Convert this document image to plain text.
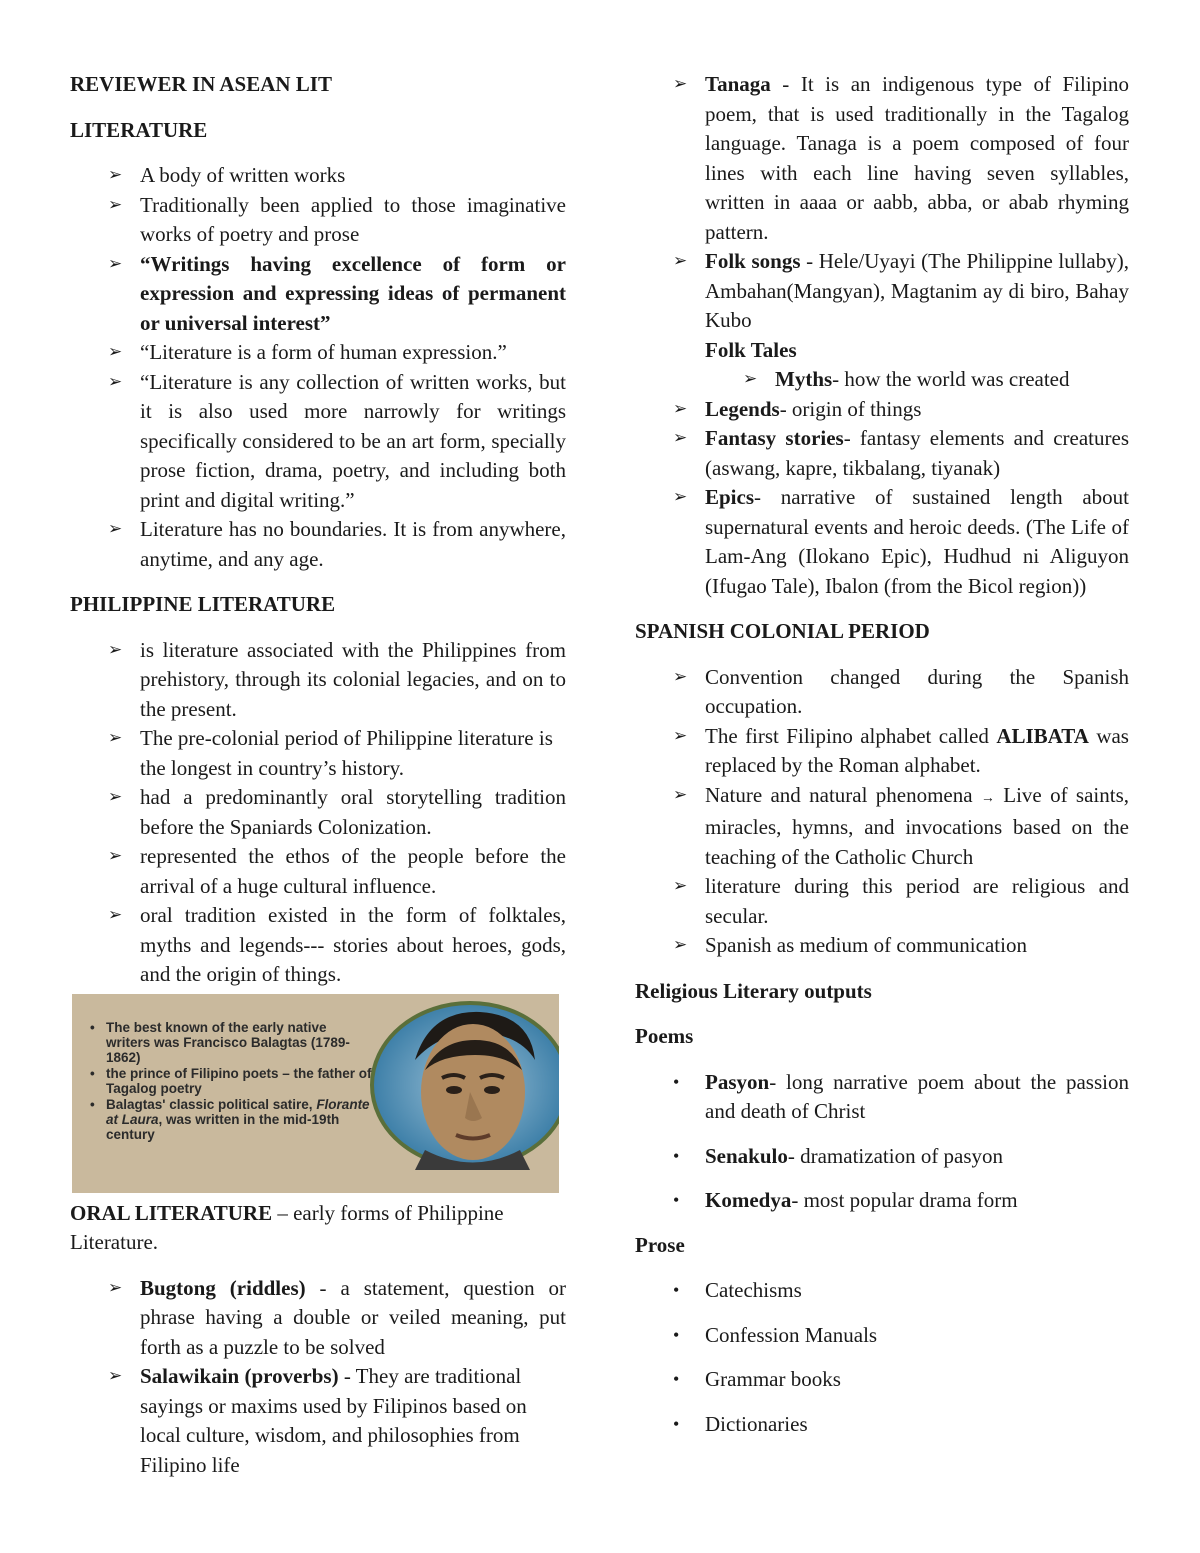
REVIEWER IN ASEAN LIT

LITERATURE

➢ A body of written works
➢ Traditionally been applied to those imaginative works of poetry and prose
➢ “Writings having excellence of form or expression and expressing ideas of permanent or universal interest”
➢ “Literature is a form of human expression.”
➢ “Literature is any collection of written works, but it is also used more narrowly for writings specifically considered to be an art form, specially prose fiction, drama, poetry, and including both print and digital writing.”
➢ Literature has no boundaries. It is from anywhere, anytime, and any age.

PHILIPPINE LITERATURE

➢ is literature associated with the Philippines from prehistory, through its colonial legacies, and on to the present.
➢ The pre-colonial period of Philippine literature is the longest in country’s history.
➢ had a predominantly oral storytelling tradition before the Spaniards Colonization.
➢ represented the ethos of the people before the arrival of a huge cultural influence.
➢ oral tradition existed in the form of folktales, myths and legends--- stories about heroes, gods, and the origin of things.
• The best known of the early native writers was Francisco Balagtas (1789-1862)
• the prince of Filipino poets – the father of Tagalog poetry
• Balagtas' classic political satire, Florante at Laura, was written in the mid-19th century

ORAL LITERATURE – early forms of Philippine Literature.

➢ Bugtong (riddles) - a statement, question or phrase having a double or veiled meaning, put forth as a puzzle to be solved
➢ Salawikain (proverbs) - They are traditional sayings or maxims used by Filipinos based on local culture, wisdom, and philosophies from Filipino life
➢ Tanaga - It is an indigenous type of Filipino poem, that is used traditionally in the Tagalog language. Tanaga is a poem composed of four lines with each line having seven syllables, written in aaaa or aabb, abba, or abab rhyming pattern.
➢ Folk songs - Hele/Uyayi (The Philippine lullaby), Ambahan(Mangyan), Magtanim ay di biro, Bahay Kubo
Folk Tales
➢ Myths- how the world was created
➢ Legends- origin of things
➢ Fantasy stories- fantasy elements and creatures (aswang, kapre, tikbalang, tiyanak)
➢ Epics- narrative of sustained length about supernatural events and heroic deeds. (The Life of Lam-Ang (Ilokano Epic), Hudhud ni Aliguyon (Ifugao Tale), Ibalon (from the Bicol region))

SPANISH COLONIAL PERIOD

➢ Convention changed during the Spanish occupation.
➢ The first Filipino alphabet called ALIBATA was replaced by the Roman alphabet.
➢ Nature and natural phenomena → Live of saints, miracles, hymns, and invocations based on the teaching of the Catholic Church
➢ literature during this period are religious and secular.
➢ Spanish as medium of communication

Religious Literary outputs

Poems

• Pasyon- long narrative poem about the passion and death of Christ
• Senakulo- dramatization of pasyon
• Komedya- most popular drama form

Prose

• Catechisms
• Confession Manuals
• Grammar books
• Dictionaries
